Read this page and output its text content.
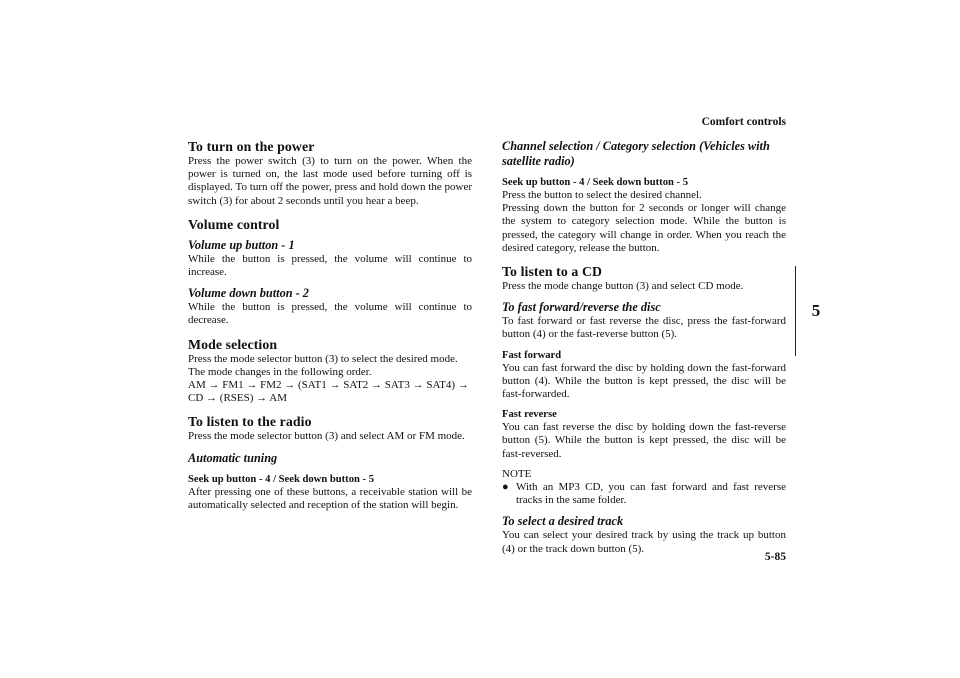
Comfort controls
5
5-85
To turn on the power

Press the power switch (3) to turn on the power. When the power is turned on, the last mode used before turning off is displayed. To turn off the power, press and hold down the power switch (3) for about 2 seconds until you hear a beep.

Volume control
Volume up button - 1

While the button is pressed, the volume will continue to increase.

Volume down button - 2

While the button is pressed, the volume will continue to decrease.

Mode selection

Press the mode selector button (3) to select the desired mode.

The mode changes in the following order.

AM → FM1 → FM2 → (SAT1 → SAT2 → SAT3 → SAT4) →

CD → (RSES) → AM

To listen to the radio

Press the mode selector button (3) and select AM or FM mode.

Automatic tuning
Seek up button - 4 / Seek down button - 5

After pressing one of these buttons, a receivable station will be automatically selected and reception of the station will begin.

Channel selection / Category selection (Vehicles with satellite radio)
Seek up button - 4 / Seek down button - 5

Press the button to select the desired channel.

Pressing down the button for 2 seconds or longer will change the system to category selection mode. While the button is pressed, the category will change in order. When you reach the desired category, release the button.

To listen to a CD

Press the mode change button (3) and select CD mode.

To fast forward/reverse the disc

To fast forward or fast reverse the disc, press the fast-forward button (4) or the fast-reverse button (5).

Fast forward

You can fast forward the disc by holding down the fast-forward button (4). While the button is kept pressed, the disc will be fast-forwarded.

Fast reverse

You can fast reverse the disc by holding down the fast-reverse button (5). While the button is kept pressed, the disc will be fast-reversed.

NOTE

● With an MP3 CD, you can fast forward and fast reverse tracks in the same folder.
To select a desired track

You can select your desired track by using the track up button (4) or the track down button (5).
